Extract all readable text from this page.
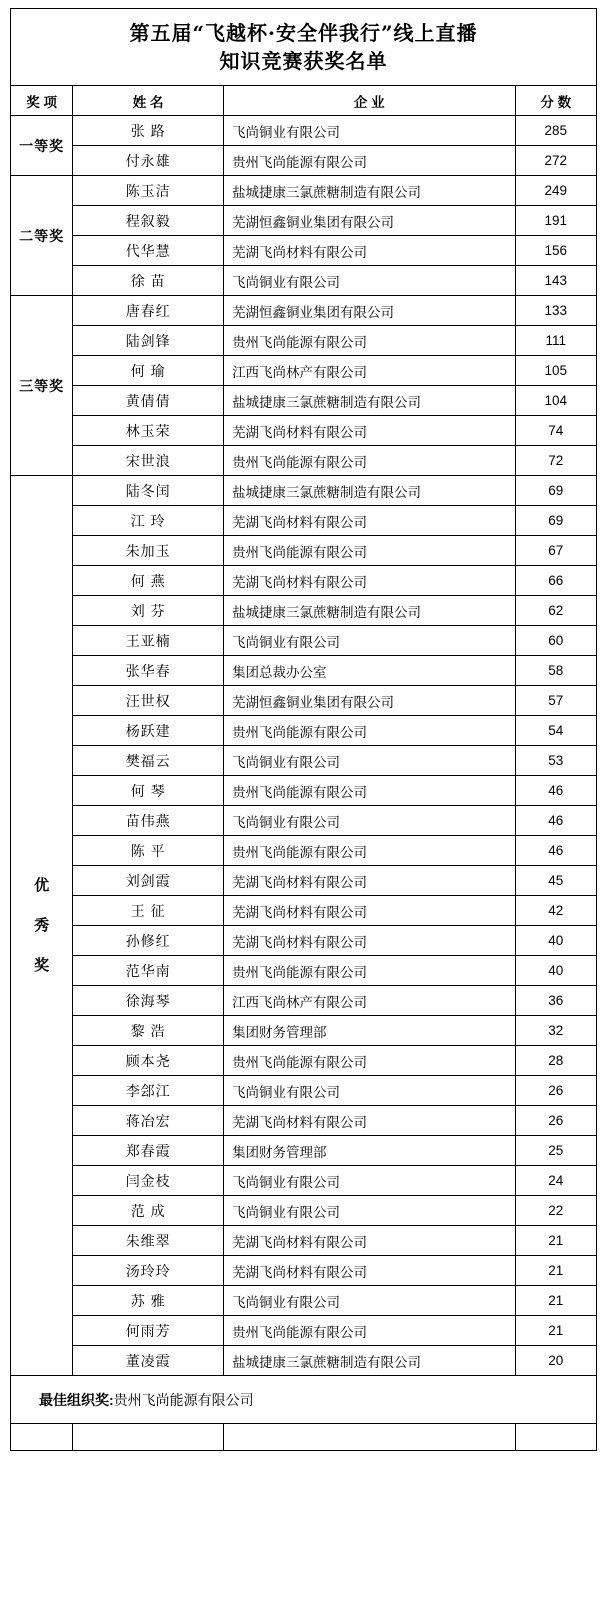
第五届“飞越杯·安全伴我行”线上直播
知识竞赛获奖名单			

奖 项	姓 名	企 业	分 数
一等奖	张 路	飞尚铜业有限公司	285
	付永雄	贵州飞尚能源有限公司	272
二等奖	陈玉洁	盐城捷康三氯蔗糖制造有限公司	249
	程叙毅	芜湖恒鑫铜业集团有限公司	191
	代华慧	芜湖飞尚材料有限公司	156
	徐 苗	飞尚铜业有限公司	143
三等奖	唐春红	芜湖恒鑫铜业集团有限公司	133
	陆剑锋	贵州飞尚能源有限公司	111
	何 瑜	江西飞尚林产有限公司	105
	黄倩倩	盐城捷康三氯蔗糖制造有限公司	104
	林玉荣	芜湖飞尚材料有限公司	74
	宋世浪	贵州飞尚能源有限公司	72

优
秀
奖	陆冬闰	盐城捷康三氯蔗糖制造有限公司	69
	江 玲	芜湖飞尚材料有限公司	69
	朱加玉	贵州飞尚能源有限公司	67
	何 燕	芜湖飞尚材料有限公司	66
	刘 芬	盐城捷康三氯蔗糖制造有限公司	62
	王亚楠	飞尚铜业有限公司	60
	张华春	集团总裁办公室	58
	汪世权	芜湖恒鑫铜业集团有限公司	57
	杨跃建	贵州飞尚能源有限公司	54
	樊福云	飞尚铜业有限公司	53
	何 琴	贵州飞尚能源有限公司	46
	苗伟燕	飞尚铜业有限公司	46
	陈 平	贵州飞尚能源有限公司	46
	刘剑霞	芜湖飞尚材料有限公司	45
	王 征	芜湖飞尚材料有限公司	42
	孙修红	芜湖飞尚材料有限公司	40
	范华南	贵州飞尚能源有限公司	40
	徐海琴	江西飞尚林产有限公司	36
	黎 浩	集团财务管理部	32
	顾本尧	贵州飞尚能源有限公司	28
	李郐江	飞尚铜业有限公司	26
	蒋冶宏	芜湖飞尚材料有限公司	26
	郑春霞	集团财务管理部	25
	闫金枝	飞尚铜业有限公司	24
	范 成	飞尚铜业有限公司	22
	朱维翠	芜湖飞尚材料有限公司	21
	汤玲玲	芜湖飞尚材料有限公司	21
	苏 雅	飞尚铜业有限公司	21
	何雨芳	贵州飞尚能源有限公司	21
	董凌霞	盐城捷康三氯蔗糖制造有限公司	20
最佳组织奖:贵州飞尚能源有限公司			
